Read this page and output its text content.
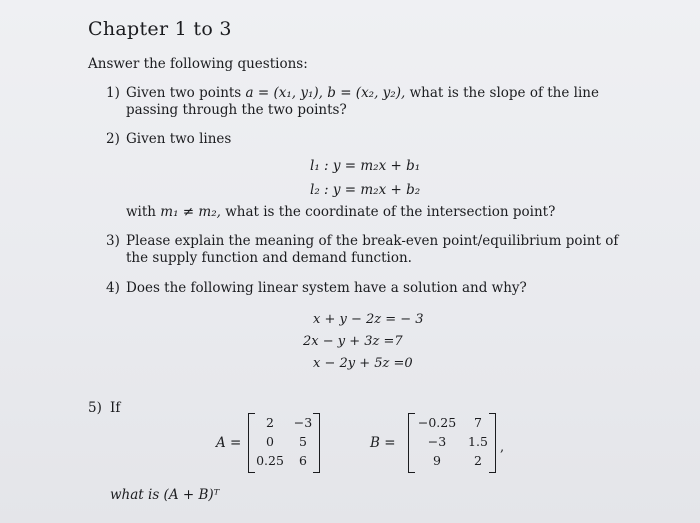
Chapter 1 to 3
Answer the following questions:
1) Given two points a = (x₁, y₁), b = (x₂, y₂), what is the slope of the line
passing through the two points?
2) Given two lines
l₁ : y = m₂x + b₁
l₂ : y = m₂x + b₂
with m₁ ≠ m₂, what is the coordinate of the intersection point?
3) Please explain the meaning of the break-even point/equilibrium point of
the supply function and demand function.
4) Does the following linear system have a solution and why?
x + y − 2z = − 3
2x − y + 3z =7
x − 2y + 5z =0
5) If
A =
2	−3
0	5
0.25	6
B =
−0.25	7
−3	1.5
9	2
,
what is (A + B)ᵀ
